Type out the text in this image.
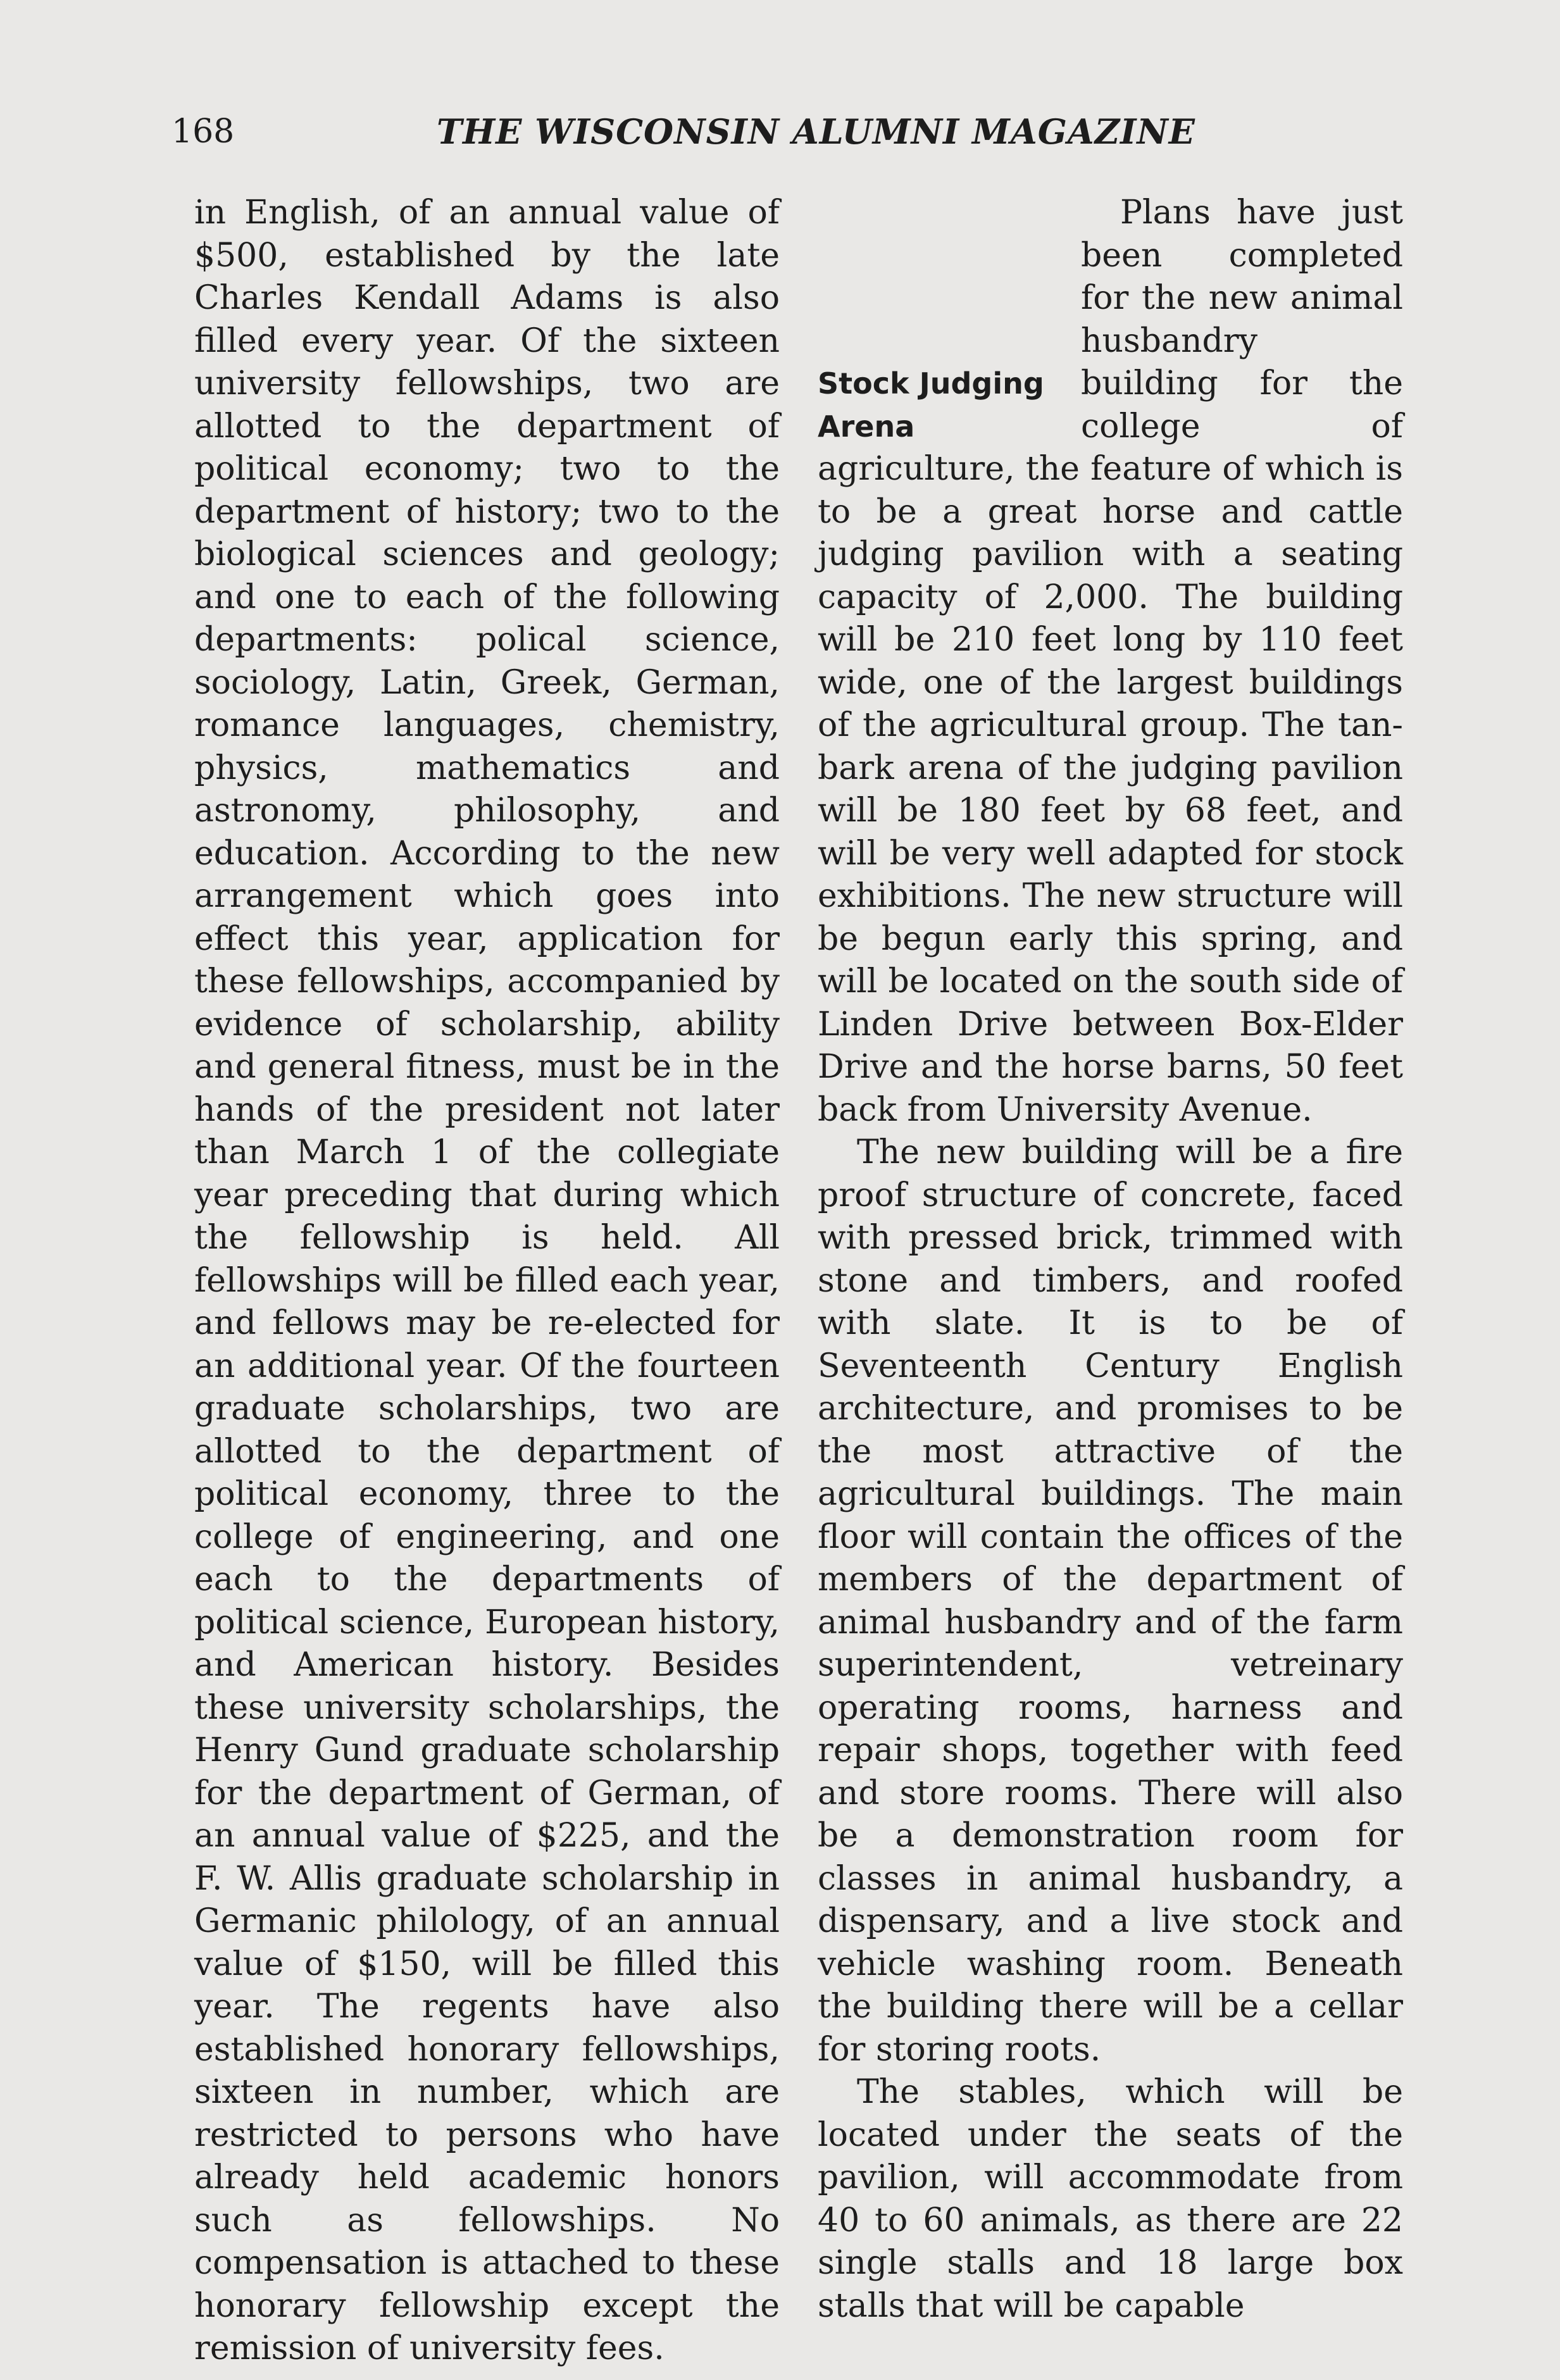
168	THE WISCONSIN ALUMNI MAGAZINE

in English, of an annual value of $500, established by the late Charles Kendall Adams is also filled every year. Of the sixteen university fellowships, two are allotted to the department of political economy; two to the department of history; two to the biological sciences and geology; and one to each of the following departments: polical science, sociology, Latin, Greek, German, romance languages, chemistry, physics, mathematics and astronomy, philosophy, and education. According to the new arrangement which goes into effect this year, application for these fellowships, accompanied by evidence of scholarship, ability and general fitness, must be in the hands of the president not later than March 1 of the collegiate year preceding that during which the fellowship is held. All fellowships will be filled each year, and fellows may be re-elected for an additional year. Of the fourteen graduate scholarships, two are allotted to the department of political economy, three to the college of engineering, and one each to the departments of political science, European history, and American history. Besides these university scholarships, the Henry Gund graduate scholarship for the department of German, of an annual value of $225, and the F. W. Allis graduate scholarship in Germanic philology, of an annual value of $150, will be filled this year. The regents have also established honorary fellowships, sixteen in number, which are restricted to persons who have already held academic honors such as fellowships. No compensation is attached to these honorary fellowship except the remission of university fees.

Stock Judging
Arena

Plans have just been completed for the new animal husbandry building for the college of agriculture, the feature of which is to be a great horse and cattle judging pavilion with a seating capacity of 2,000. The building will be 210 feet long by 110 feet wide, one of the largest buildings of the agricultural group. The tan-bark arena of the judging pavilion will be 180 feet by 68 feet, and will be very well adapted for stock exhibitions. The new structure will be begun early this spring, and will be located on the south side of Linden Drive between Box-Elder Drive and the horse barns, 50 feet back from University Avenue.

The new building will be a fire proof structure of concrete, faced with pressed brick, trimmed with stone and timbers, and roofed with slate. It is to be of Seventeenth Century English architecture, and promises to be the most attractive of the agricultural buildings. The main floor will contain the offices of the members of the department of animal husbandry and of the farm superintendent, vetreinary operating rooms, harness and repair shops, together with feed and store rooms. There will also be a demonstration room for classes in animal husbandry, a dispensary, and a live stock and vehicle washing room. Beneath the building there will be a cellar for storing roots.

The stables, which will be located under the seats of the pavilion, will accommodate from 40 to 60 animals, as there are 22 single stalls and 18 large box stalls that will be capable
